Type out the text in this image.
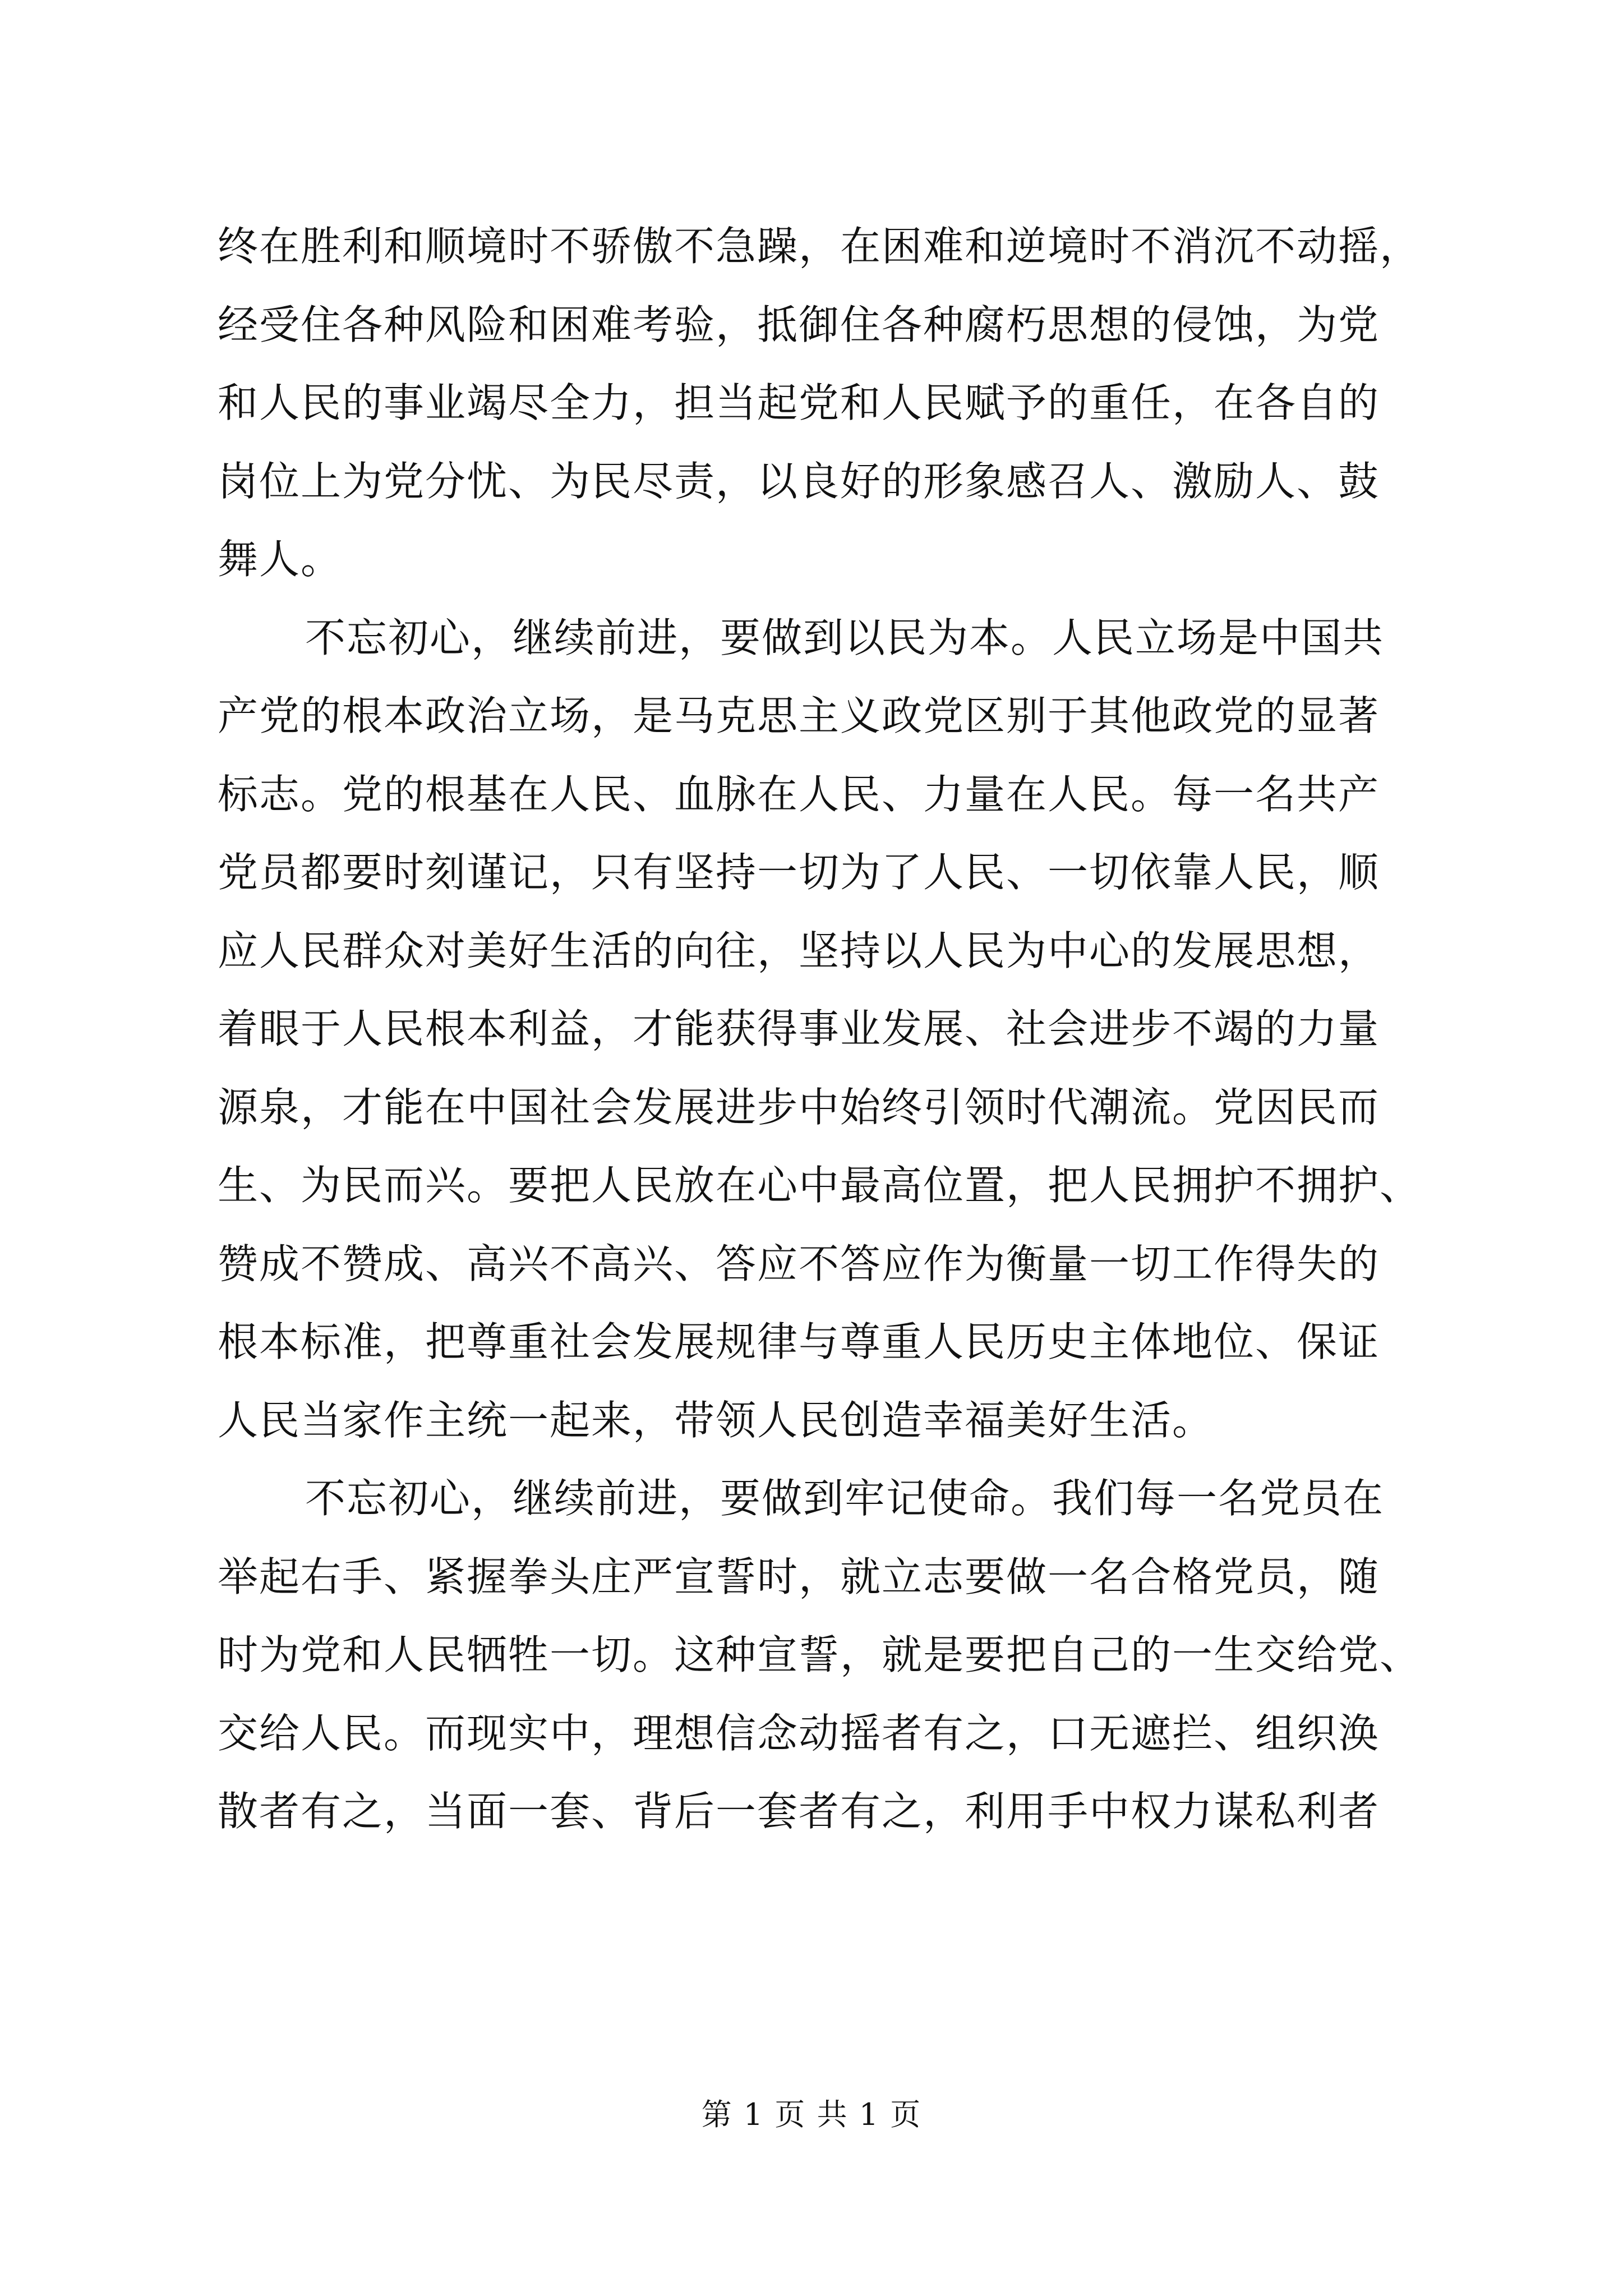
终在胜利和顺境时不骄傲不急躁，在困难和逆境时不消沉不动摇，
经受住各种风险和困难考验，抵御住各种腐朽思想的侵蚀，为党
和人民的事业竭尽全力，担当起党和人民赋予的重任，在各自的
岗位上为党分忧、为民尽责，以良好的形象感召人、激励人、鼓
舞人。
不忘初心，继续前进，要做到以民为本。人民立场是中国共
产党的根本政治立场，是马克思主义政党区别于其他政党的显著
标志。党的根基在人民、血脉在人民、力量在人民。每一名共产
党员都要时刻谨记，只有坚持一切为了人民、一切依靠人民，顺
应人民群众对美好生活的向往，坚持以人民为中心的发展思想，
着眼于人民根本利益，才能获得事业发展、社会进步不竭的力量
源泉，才能在中国社会发展进步中始终引领时代潮流。党因民而
生、为民而兴。要把人民放在心中最高位置，把人民拥护不拥护、
赞成不赞成、高兴不高兴、答应不答应作为衡量一切工作得失的
根本标准，把尊重社会发展规律与尊重人民历史主体地位、保证
人民当家作主统一起来，带领人民创造幸福美好生活。
不忘初心，继续前进，要做到牢记使命。我们每一名党员在
举起右手、紧握拳头庄严宣誓时，就立志要做一名合格党员，随
时为党和人民牺牲一切。这种宣誓，就是要把自己的一生交给党、
交给人民。而现实中，理想信念动摇者有之，口无遮拦、组织涣
散者有之，当面一套、背后一套者有之，利用手中权力谋私利者
第 1 页 共 1 页
